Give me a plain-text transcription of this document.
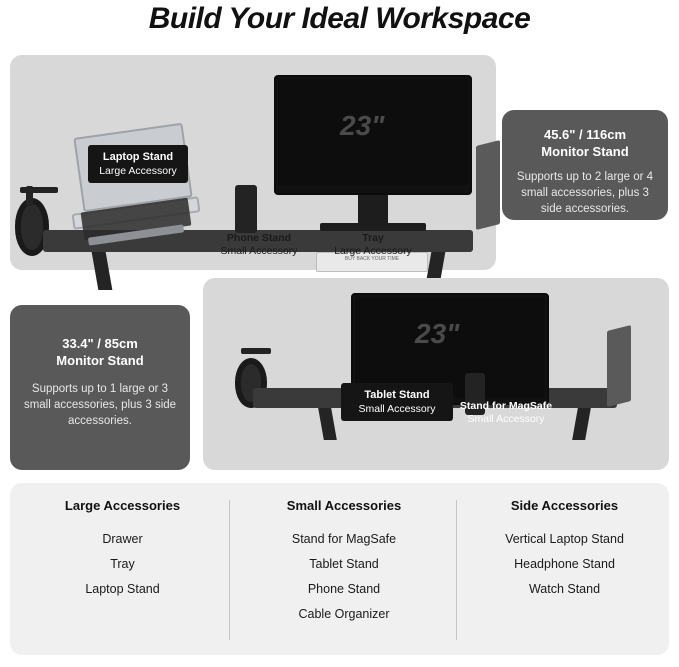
Build Your Ideal Workspace
Laptop Stand
Large Accessory
23"
BUY BACK YOUR TIME
Phone Stand
Small Accessory
Tray
Large Accessory
45.6" / 116cm
Monitor Stand
Supports up to 2 large or 4 small accessories, plus 3 side accessories.
33.4" / 85cm
Monitor Stand
Supports up to 1 large or 3 small accessories, plus 3 side accessories.
23"
Tablet Stand
Small Accessory	Stand for MagSafe
Small Accessory
Large Accessories
Drawer
Tray
Laptop Stand
Small Accessories
Stand for MagSafe
Tablet Stand
Phone Stand
Cable Organizer
Side Accessories
Vertical Laptop Stand
Headphone Stand
Watch Stand
